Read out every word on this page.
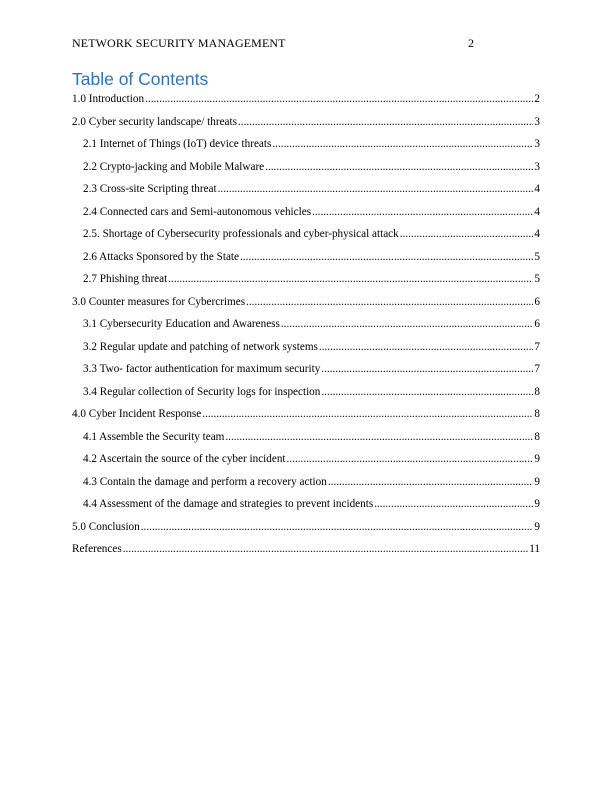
NETWORK SECURITY MANAGEMENT	2
Table of Contents
1.0 Introduction .....	2
2.0 Cyber security landscape/ threats .....	3
2.1 Internet of Things (IoT) device threats .....	3
2.2 Crypto-jacking and Mobile Malware .....	3
2.3 Cross-site Scripting threat .....	4
2.4 Connected cars and Semi-autonomous vehicles .....	4
2.5. Shortage of Cybersecurity professionals and cyber-physical attack .....	4
2.6 Attacks Sponsored by the State .....	5
2.7 Phishing threat .....	5
3.0 Counter measures for Cybercrimes .....	6
3.1 Cybersecurity Education and Awareness .....	6
3.2 Regular update and patching of network systems .....	7
3.3 Two- factor authentication for maximum security .....	7
3.4 Regular collection of Security logs for inspection .....	8
4.0 Cyber Incident Response .....	8
4.1 Assemble the Security team .....	8
4.2 Ascertain the source of the cyber incident .....	9
4.3 Contain the damage and perform a recovery action .....	9
4.4 Assessment of the damage and strategies to prevent incidents .....	9
5.0 Conclusion .....	9
References .....	11
